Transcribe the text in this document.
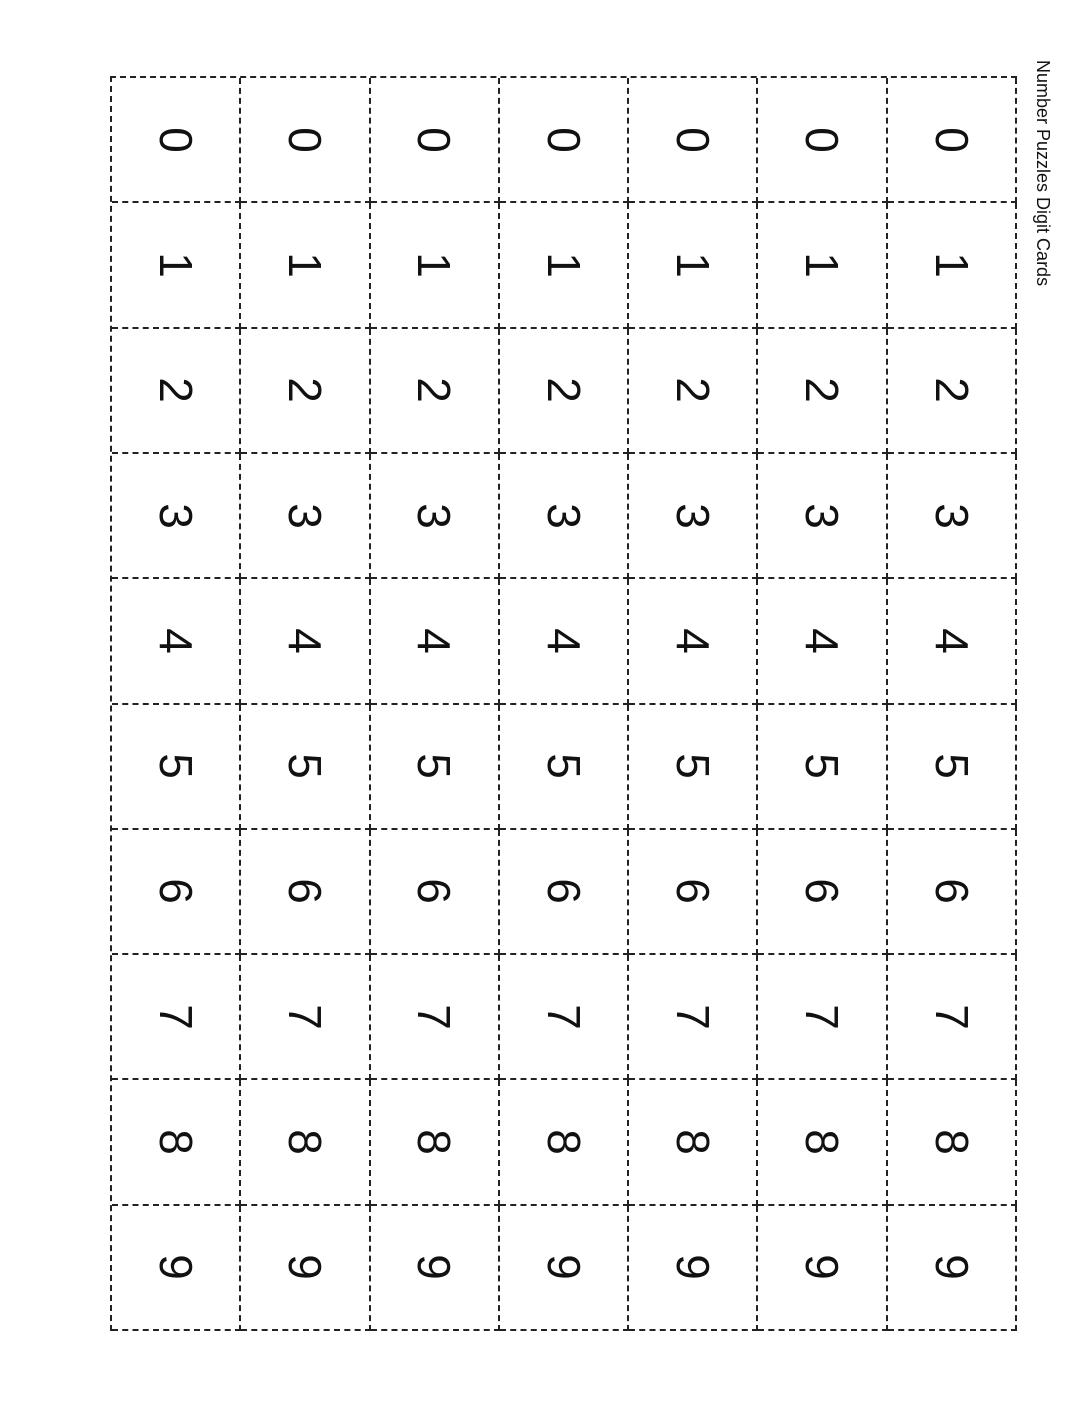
Number Puzzles Digit Cards
0 0 0 0 0 0 0
1 1 1 1 1 1 1
2 2 2 2 2 2 2
3 3 3 3 3 3 3
4 4 4 4 4 4 4
5 5 5 5 5 5 5
6 6 6 6 6 6 6
7 7 7 7 7 7 7
8 8 8 8 8 8 8
9 9 9 9 9 9 9
